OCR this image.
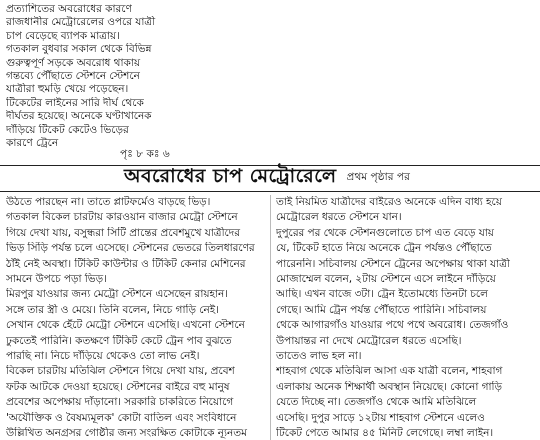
প্রত্যাশিতের অবরোধের কারণে
রাজধানীর মেট্রোরেলের ওপরে যাত্রী
চাপ বেড়েছে ব্যাপক মাত্রায়।
গতকাল বুধবার সকাল থেকে বিভিন্ন
গুরুত্বপূর্ণ সড়কে অবরোধ থাকায়
গন্তব্যে পৌঁছাতে স্টেশনে স্টেশনে
যাত্রীরা হুমড়ি খেয়ে পড়েছেন।
টিকেটের লাইনের সারি দীর্ঘ থেকে
দীর্ঘতর হয়েছে। অনেকে ঘণ্টাখানেক
দাঁড়িয়ে টিকেট কেটেও ভিড়ের
কারণে ট্রেনে
পৃঃ ৮ কঃ ৬
অবরোধের চাপ মেট্রোরেলে প্রথম পৃষ্ঠার পর
উঠতে পারছেন না। তাতে প্লাটফর্মেও বাড়ছে ভিড়।
গতকাল বিকেল চারটায় কারওয়ান বাজার মেট্রো স্টেশনে
গিয়ে দেখা যায়, বসুন্ধরা সিটি প্রান্তের প্রবেশমুখে যাত্রীদের
ভিড় সিঁড়ি পর্যন্ত চলে এসেছে। স্টেশনের ভেতরে তিলধারণের
ঠাঁই নেই অবস্থা। টিকিট কাউন্টার ও টিকিট কেনার মেশিনের
সামনে উপচে পড়া ভিড়।
মিরপুর যাওয়ার জন্য মেট্রো স্টেশনে এসেছেন রায়হান।
সঙ্গে তার স্ত্রী ও মেয়ে। তিনি বলেন, নিচে গাড়ি নেই।
সেখান থেকে হেঁটে মেট্রো স্টেশনে এসেছি। এখনো স্টেশনে
ঢুকতেই পারিনি। কতক্ষণে টিকিট কেটে ট্রেন পাব বুঝতে
পারছি না। নিচে দাঁড়িয়ে থেকেও তো লাভ নেই।
বিকেল চারটায় মতিঝিল স্টেশনে গিয়ে দেখা যায়, প্রবেশ
ফটক আটকে দেওয়া হয়েছে। স্টেশনের বাইরে বহু মানুষ
প্রবেশের অপেক্ষায় দাঁড়ানো। সরকারি চাকরিতে নিয়োগে
'অযৌক্তিক ও বৈষম্যমূলক' কোটা বাতিল এবং সংবিধানে
উল্লিখিত অনগ্রসর গোষ্ঠীর জন্য সংরক্ষিত কোটাকে ন্যূনতম
তাই নিয়মিত যাত্রীদের বাইরেও অনেকে এদিন বাধ্য হয়ে
মেট্রোরেল ধরতে স্টেশনে যান।
দুপুরের পর থেকে স্টেশনগুলোতে চাপ এত বেড়ে যায়
যে, টিকেট হাতে নিয়ে অনেকে ট্রেন পর্যন্তও পৌঁছাতে
পারেননি। সচিবালয় স্টেশনে ট্রেনের অপেক্ষায় থাকা যাত্রী
মোজাম্মেল বলেন, ২টায় স্টেশনে এসে লাইনে দাঁড়িয়ে
আছি। এখন বাজে ৩টা। ট্রেন ইতোমধ্যে তিনটা চলে
গেছে। আমি ট্রেন পর্যন্ত পৌঁছাতে পারিনি। সচিবালয়
থেকে আগারগাঁও যাওয়ার পথে পথে অবরোধ। তেজগাঁও
উপায়ান্তর না দেখে মেট্রোরেল ধরতে এসেছি।
তাতেও লাভ হল না।
শাহবাগ থেকে মতিঝিল আসা এক যাত্রী বলেন, শাহবাগ
এলাকায় অনেক শিক্ষার্থী অবস্থান নিয়েছে। কোনো গাড়ি
যেতে দিচ্ছে না। তেজগাঁও থেকে আমি মতিঝিলে
এসেছি। দুপুর সাড়ে ১২টায় শাহবাগ স্টেশনে এলেও
টিকেট পেতে আমার ৪৫ মিনিট লেগেছে। লম্বা লাইন।
